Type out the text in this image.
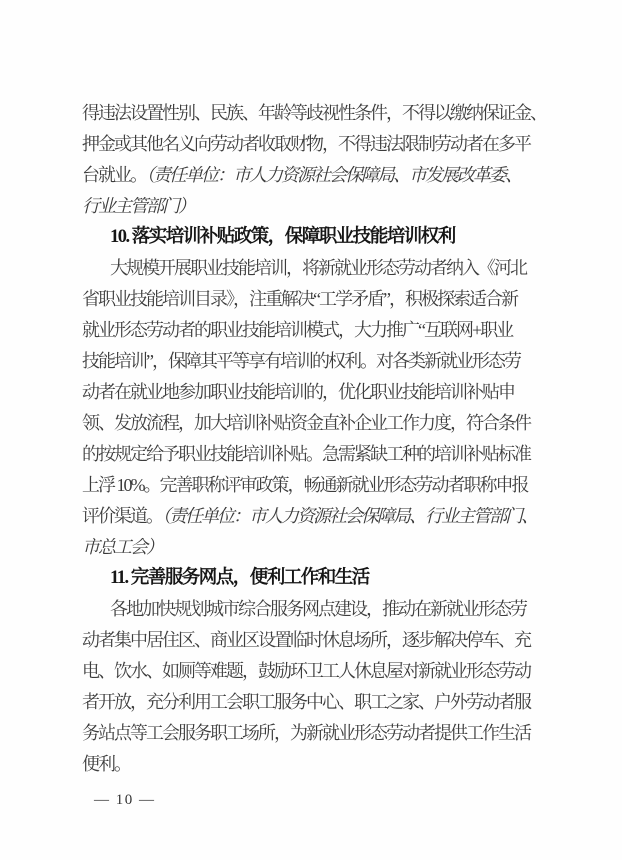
得违法设置性别、民族、年龄等歧视性条件，不得以缴纳保证金、
押金或其他名义向劳动者收取财物，不得违法限制劳动者在多平
台就业。（责任单位：市人力资源社会保障局、市发展改革委、
行业主管部门）
10. 落实培训补贴政策，保障职业技能培训权利
大规模开展职业技能培训，将新就业形态劳动者纳入《河北
省职业技能培训目录》，注重解决“工学矛盾”，积极探索适合新
就业形态劳动者的职业技能培训模式，大力推广“互联网+职业
技能培训”，保障其平等享有培训的权利。对各类新就业形态劳
动者在就业地参加职业技能培训的，优化职业技能培训补贴申
领、发放流程，加大培训补贴资金直补企业工作力度，符合条件
的按规定给予职业技能培训补贴。急需紧缺工种的培训补贴标准
上浮 10%。完善职称评审政策，畅通新就业形态劳动者职称申报
评价渠道。（责任单位：市人力资源社会保障局、行业主管部门、
市总工会）
11. 完善服务网点，便利工作和生活
各地加快规划城市综合服务网点建设，推动在新就业形态劳
动者集中居住区、商业区设置临时休息场所，逐步解决停车、充
电、饮水、如厕等难题，鼓励环卫工人休息屋对新就业形态劳动
者开放，充分利用工会职工服务中心、职工之家、户外劳动者服
务站点等工会服务职工场所，为新就业形态劳动者提供工作生活
便利。
— 10 —
